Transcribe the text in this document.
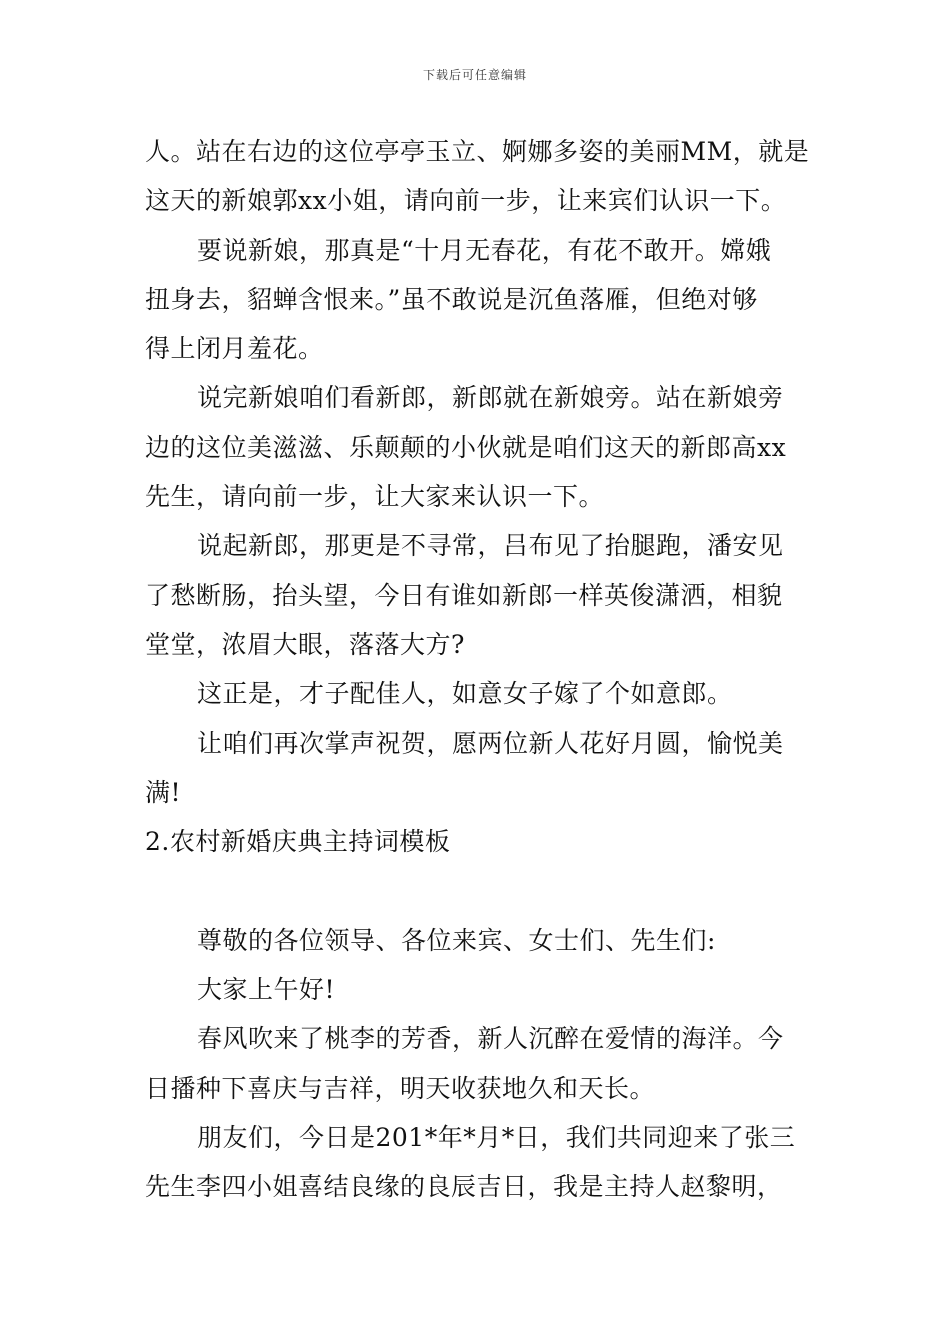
下载后可任意编辑
人。站在右边的这位亭亭玉立、婀娜多姿的美丽MM，就是
这天的新娘郭xx小姐，请向前一步，让来宾们认识一下。
要说新娘，那真是“十月无春花，有花不敢开。嫦娥
扭身去，貂蝉含恨来。”虽不敢说是沉鱼落雁，但绝对够
得上闭月羞花。
说完新娘咱们看新郎，新郎就在新娘旁。站在新娘旁
边的这位美滋滋、乐颠颠的小伙就是咱们这天的新郎高xx
先生，请向前一步，让大家来认识一下。
说起新郎，那更是不寻常，吕布见了抬腿跑，潘安见
了愁断肠，抬头望，今日有谁如新郎一样英俊潇洒，相貌
堂堂，浓眉大眼，落落大方?
这正是，才子配佳人，如意女子嫁了个如意郎。
让咱们再次掌声祝贺，愿两位新人花好月圆，愉悦美
满!
2.农村新婚庆典主持词模板
尊敬的各位领导、各位来宾、女士们、先生们:
大家上午好!
春风吹来了桃李的芳香，新人沉醉在爱情的海洋。今
日播种下喜庆与吉祥，明天收获地久和天长。
朋友们，今日是201*年*月*日，我们共同迎来了张三
先生李四小姐喜结良缘的良辰吉日，我是主持人赵黎明，
